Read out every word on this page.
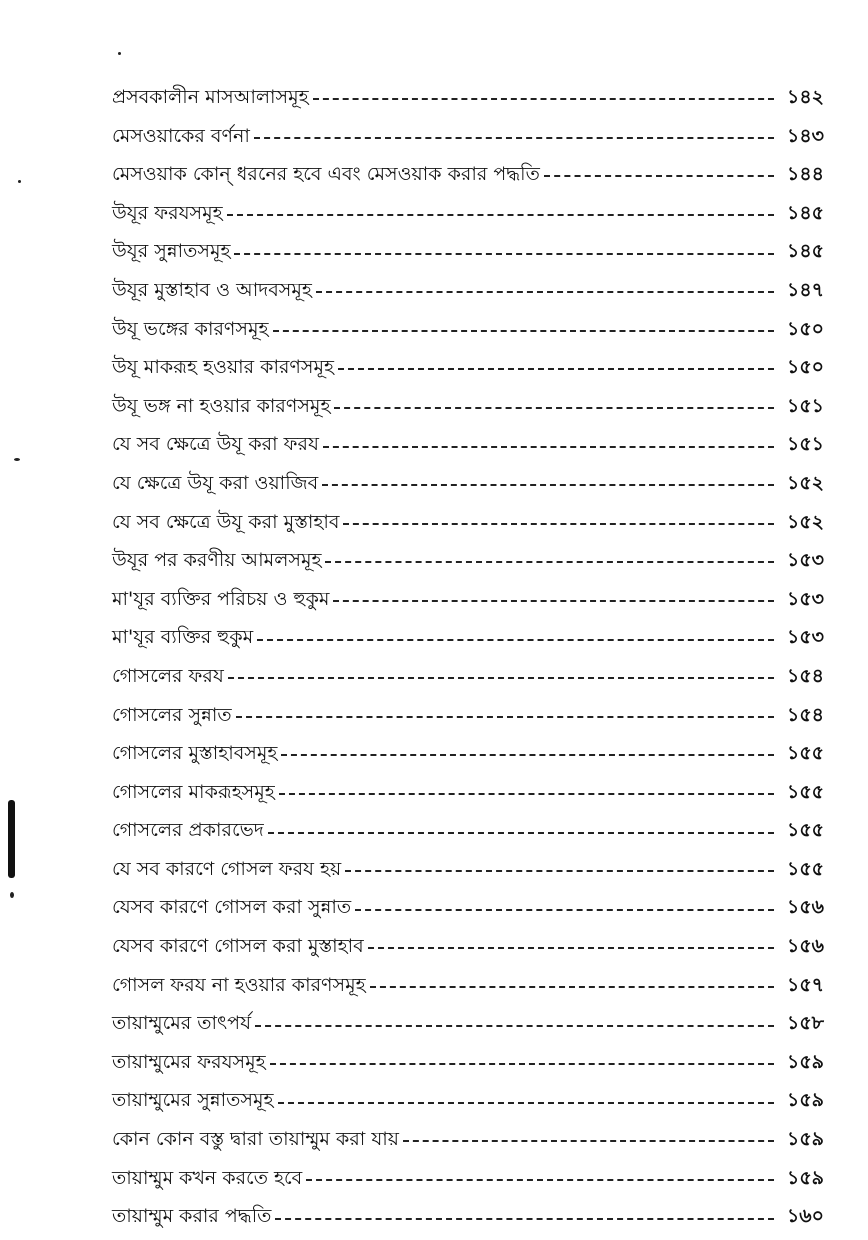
প্রসবকালীন মাসআলাসমূহ	১৪২
মেসওয়াকের বর্ণনা	১৪৩
মেসওয়াক কোন্ ধরনের হবে এবং মেসওয়াক করার পদ্ধতি	১৪৪
উযূর ফরযসমূহ	১৪৫
উযূর সুন্নাতসমূহ	১৪৫
উযূর মুস্তাহাব ও আদবসমূহ	১৪৭
উযূ ভঙ্গের কারণসমূহ	১৫০
উযূ মাকরূহ হওয়ার কারণসমূহ	১৫০
উযূ ভঙ্গ না হওয়ার কারণসমূহ	১৫১
যে সব ক্ষেত্রে উযূ করা ফরয	১৫১
যে ক্ষেত্রে উযূ করা ওয়াজিব	১৫২
যে সব ক্ষেত্রে উযূ করা মুস্তাহাব	১৫২
উযূর পর করণীয় আমলসমূহ	১৫৩
মা'যূর ব্যক্তির পরিচয় ও হুকুম	১৫৩
মা'যূর ব্যক্তির হুকুম	১৫৩
গোসলের ফরয	১৫৪
গোসলের সুন্নাত	১৫৪
গোসলের মুস্তাহাবসমূহ	১৫৫
গোসলের মাকরূহসমূহ	১৫৫
গোসলের প্রকারভেদ	১৫৫
যে সব কারণে গোসল ফরয হয়	১৫৫
যেসব কারণে গোসল করা সুন্নাত	১৫৬
যেসব কারণে গোসল করা মুস্তাহাব	১৫৬
গোসল ফরয না হওয়ার কারণসমূহ	১৫৭
তায়াম্মুমের তাৎপর্য	১৫৮
তায়াম্মুমের ফরযসমূহ	১৫৯
তায়াম্মুমের সুন্নাতসমূহ	১৫৯
কোন কোন বস্তু দ্বারা তায়াম্মুম করা যায়	১৫৯
তায়াম্মুম কখন করতে হবে	১৫৯
তায়াম্মুম করার পদ্ধতি	১৬০
